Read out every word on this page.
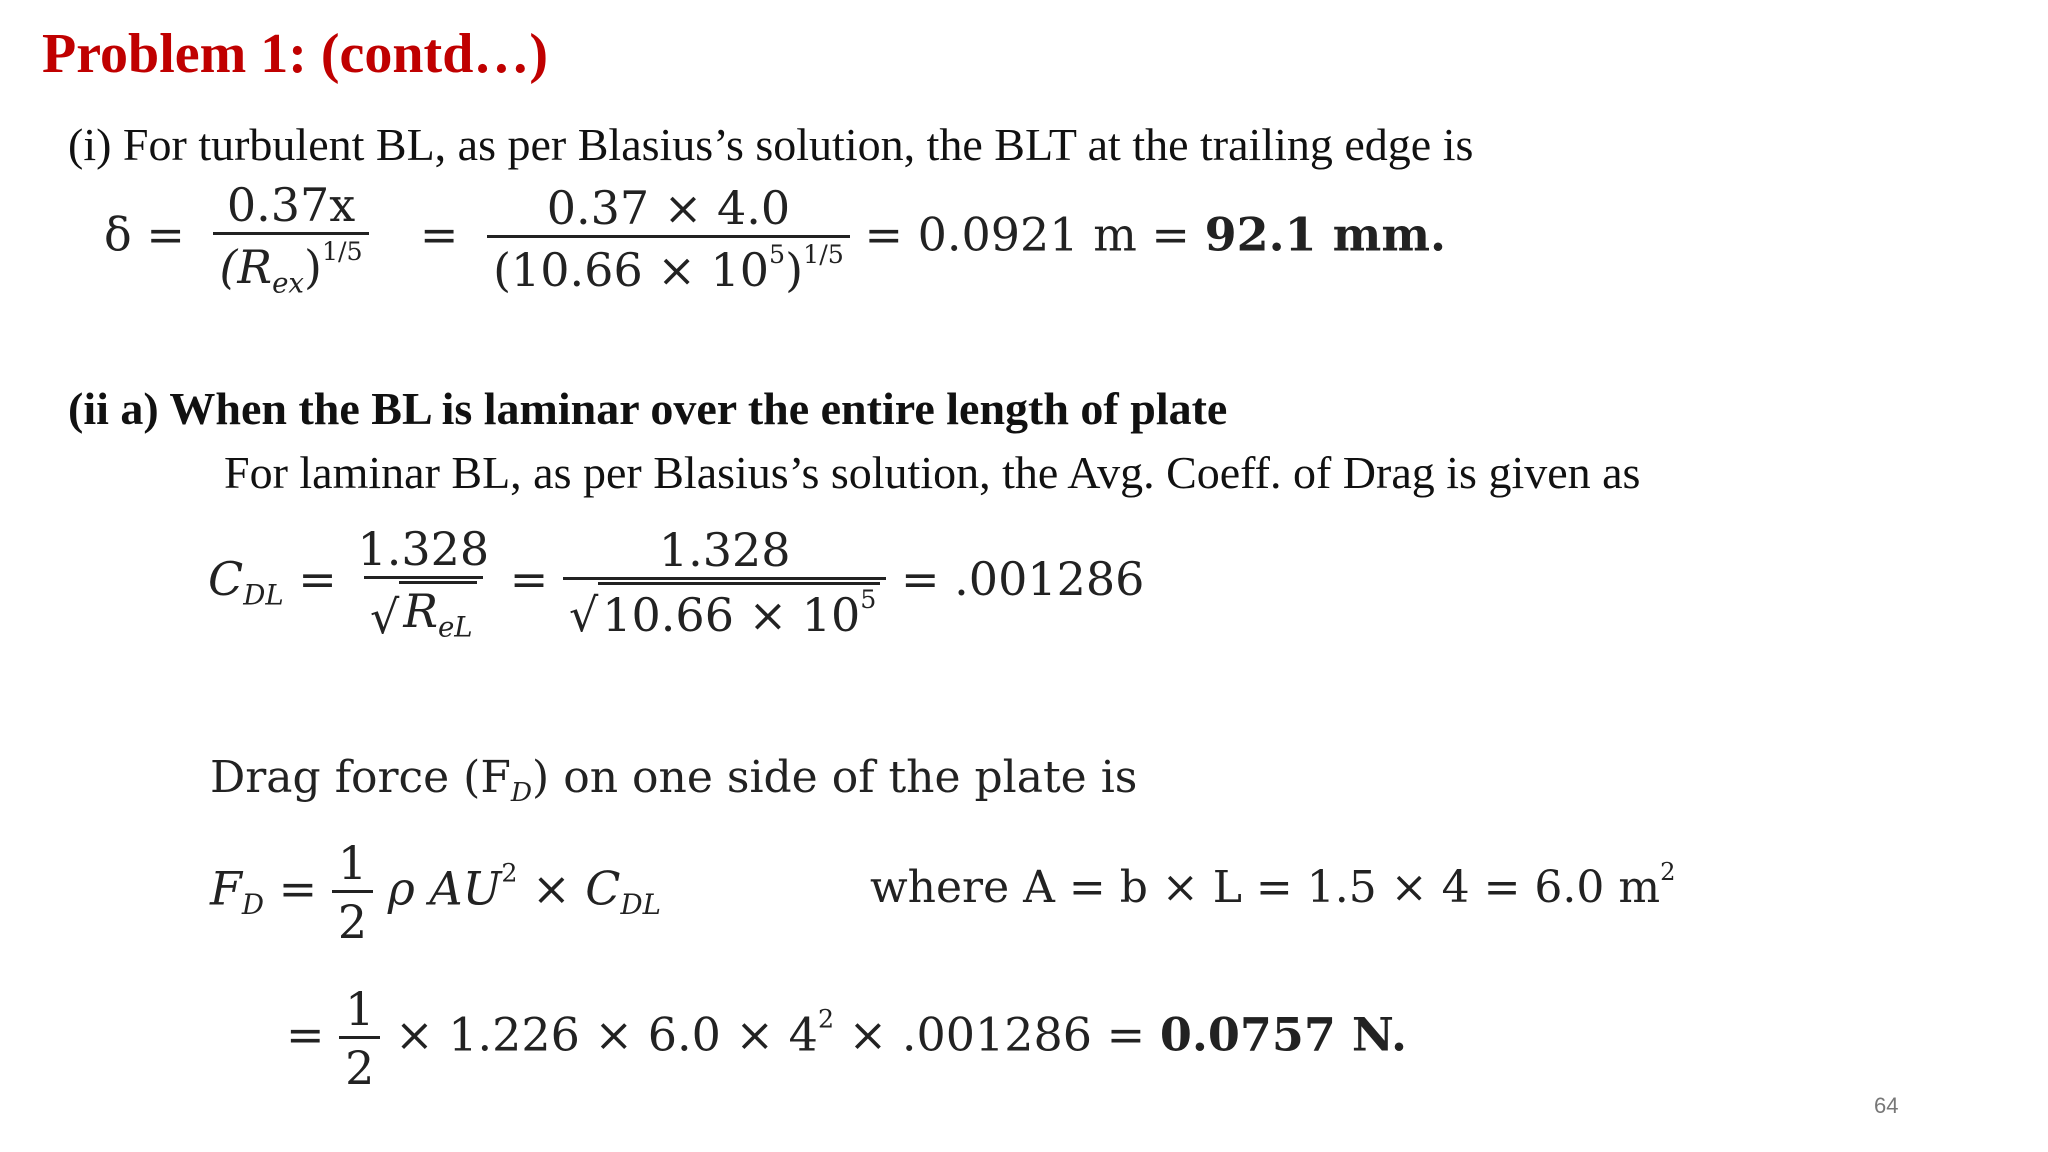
Problem 1: (contd…)
(i) For turbulent BL, as per Blasius’s solution, the BLT at the trailing edge is
$\delta = \frac{0.37x}{(R_{ex})^{1/5}} = \frac{0.37 \times 4.0}{(10.66 \times 10^5)^{1/5}} = 0.0921$ m = 92.1 mm.
(ii a) When the BL is laminar over the entire length of plate
For laminar BL, as per Blasius’s solution, the Avg. Coeff. of Drag is given as
$C_{DL} = \frac{1.328}{√ R_{eL}} = \frac{1.328}{√ 10.66 \times 10^5} = .001286$
Drag force $(F_D)$ on one side of the plate is
$F_D = \frac{1}{2}$ ρ $AU^2 \times C_{DL}$	where A = b × L = 1.5 × 4 = 6.0 $m^2$
= $\frac{1}{2} \times 1.226 \times 6.0 \times 4^2 \times .001286 = 0.0757$ N.
64
